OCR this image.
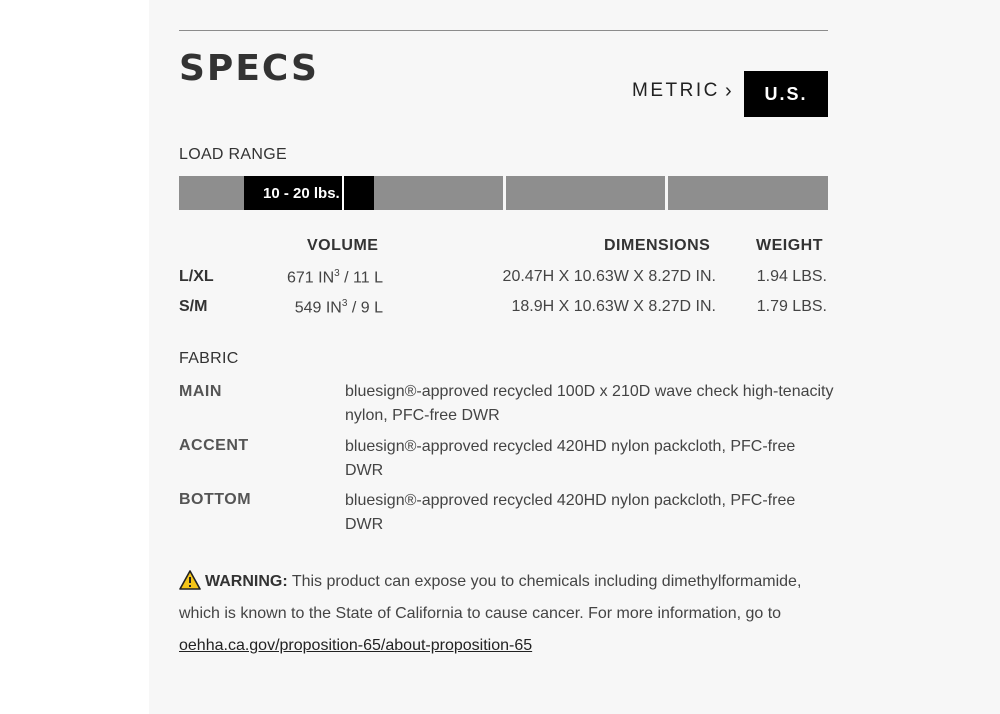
SPECS
METRIC ›	U.S.
LOAD RANGE
10 - 20 lbs.
VOLUME	DIMENSIONS	WEIGHT
L/XL	671 $IN^3 / 11$ L	20.47H X 10.63W X 8.27D IN.	1.94 LBS.
S/M	549 $IN^3 / 9$ L	18.9H X 10.63W X 8.27D IN.	1.79 LBS.
FABRIC
MAIN	bluesign®-approved recycled 100D x 210D wave check high-tenacity nylon, PFC-free DWR
ACCENT	bluesign®-approved recycled 420HD nylon packcloth, PFC-free DWR
BOTTOM	bluesign®-approved recycled 420HD nylon packcloth, PFC-free DWR
WARNING: This product can expose you to chemicals including dimethylformamide, which is known to the State of California to cause cancer. For more information, go to oehha.ca.gov/proposition-65/about-proposition-65
